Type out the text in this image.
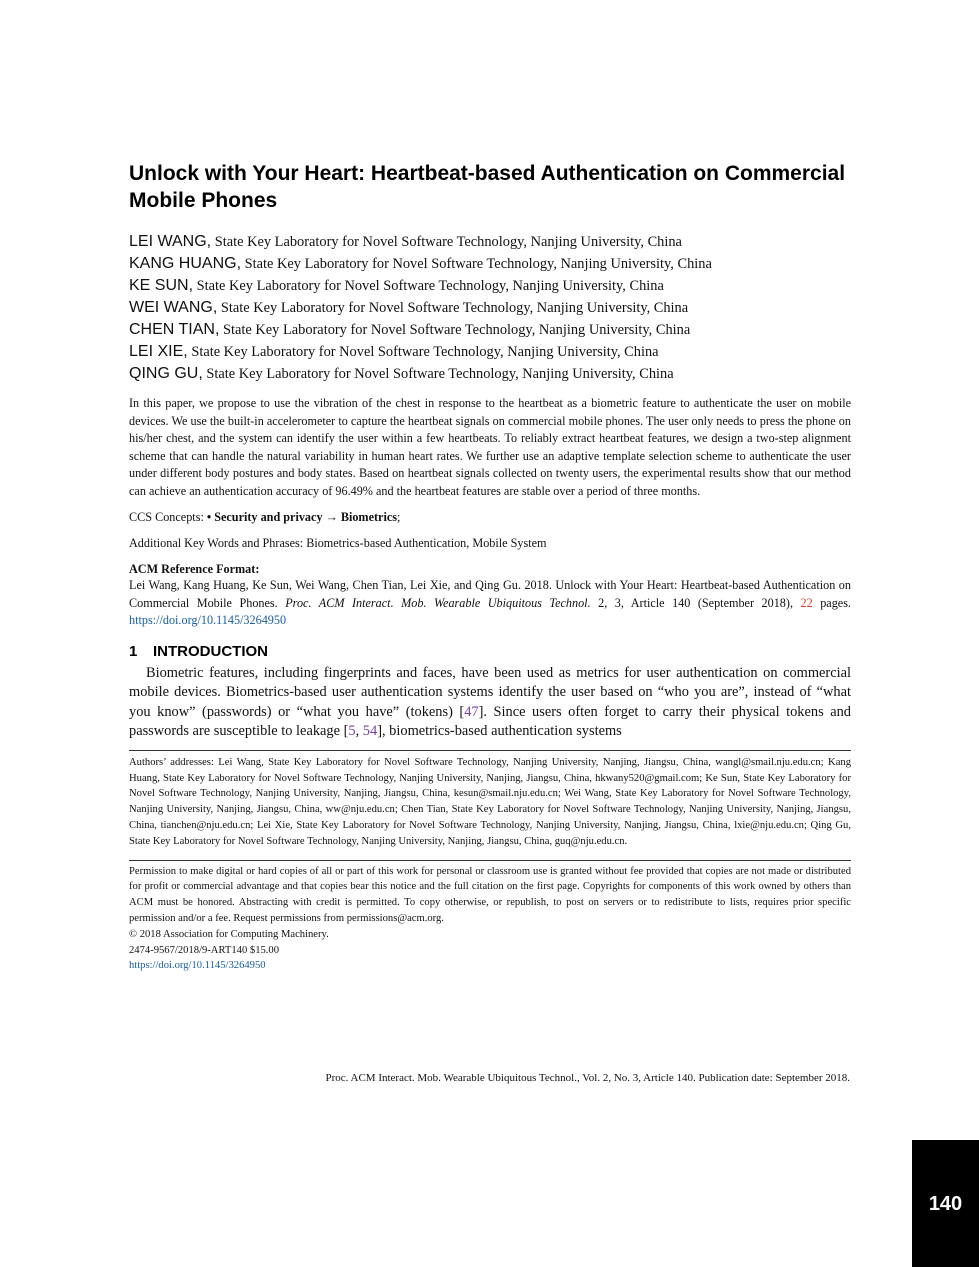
Unlock with Your Heart: Heartbeat-based Authentication on Commercial Mobile Phones
LEI WANG, State Key Laboratory for Novel Software Technology, Nanjing University, China
KANG HUANG, State Key Laboratory for Novel Software Technology, Nanjing University, China
KE SUN, State Key Laboratory for Novel Software Technology, Nanjing University, China
WEI WANG, State Key Laboratory for Novel Software Technology, Nanjing University, China
CHEN TIAN, State Key Laboratory for Novel Software Technology, Nanjing University, China
LEI XIE, State Key Laboratory for Novel Software Technology, Nanjing University, China
QING GU, State Key Laboratory for Novel Software Technology, Nanjing University, China

In this paper, we propose to use the vibration of the chest in response to the heartbeat as a biometric feature to authenticate the user on mobile devices. We use the built-in accelerometer to capture the heartbeat signals on commercial mobile phones. The user only needs to press the phone on his/her chest, and the system can identify the user within a few heartbeats. To reliably extract heartbeat features, we design a two-step alignment scheme that can handle the natural variability in human heart rates. We further use an adaptive template selection scheme to authenticate the user under different body postures and body states. Based on heartbeat signals collected on twenty users, the experimental results show that our method can achieve an authentication accuracy of 96.49% and the heartbeat features are stable over a period of three months.

CCS Concepts: • Security and privacy → Biometrics;

Additional Key Words and Phrases: Biometrics-based Authentication, Mobile System

ACM Reference Format:

Lei Wang, Kang Huang, Ke Sun, Wei Wang, Chen Tian, Lei Xie, and Qing Gu. 2018. Unlock with Your Heart: Heartbeat-based Authentication on Commercial Mobile Phones. Proc. ACM Interact. Mob. Wearable Ubiquitous Technol. 2, 3, Article 140 (September 2018), 22 pages. https://doi.org/10.1145/3264950

1 INTRODUCTION

Biometric features, including fingerprints and faces, have been used as metrics for user authentication on commercial mobile devices. Biometrics-based user authentication systems identify the user based on “who you are”, instead of “what you know” (passwords) or “what you have” (tokens) [47]. Since users often forget to carry their physical tokens and passwords are susceptible to leakage [5, 54], biometrics-based authentication systems

Authors’ addresses: Lei Wang, State Key Laboratory for Novel Software Technology, Nanjing University, Nanjing, Jiangsu, China, wangl@smail.nju.edu.cn; Kang Huang, State Key Laboratory for Novel Software Technology, Nanjing University, Nanjing, Jiangsu, China, hkwany520@gmail.com; Ke Sun, State Key Laboratory for Novel Software Technology, Nanjing University, Nanjing, Jiangsu, China, kesun@smail.nju.edu.cn; Wei Wang, State Key Laboratory for Novel Software Technology, Nanjing University, Nanjing, Jiangsu, China, ww@nju.edu.cn; Chen Tian, State Key Laboratory for Novel Software Technology, Nanjing University, Nanjing, Jiangsu, China, tianchen@nju.edu.cn; Lei Xie, State Key Laboratory for Novel Software Technology, Nanjing University, Nanjing, Jiangsu, China, lxie@nju.edu.cn; Qing Gu, State Key Laboratory for Novel Software Technology, Nanjing University, Nanjing, Jiangsu, China, guq@nju.edu.cn.

Permission to make digital or hard copies of all or part of this work for personal or classroom use is granted without fee provided that copies are not made or distributed for profit or commercial advantage and that copies bear this notice and the full citation on the first page. Copyrights for components of this work owned by others than ACM must be honored. Abstracting with credit is permitted. To copy otherwise, or republish, to post on servers or to redistribute to lists, requires prior specific permission and/or a fee. Request permissions from permissions@acm.org.

© 2018 Association for Computing Machinery.

2474-9567/2018/9-ART140 $15.00

https://doi.org/10.1145/3264950

Proc. ACM Interact. Mob. Wearable Ubiquitous Technol., Vol. 2, No. 3, Article 140. Publication date: September 2018.
140
